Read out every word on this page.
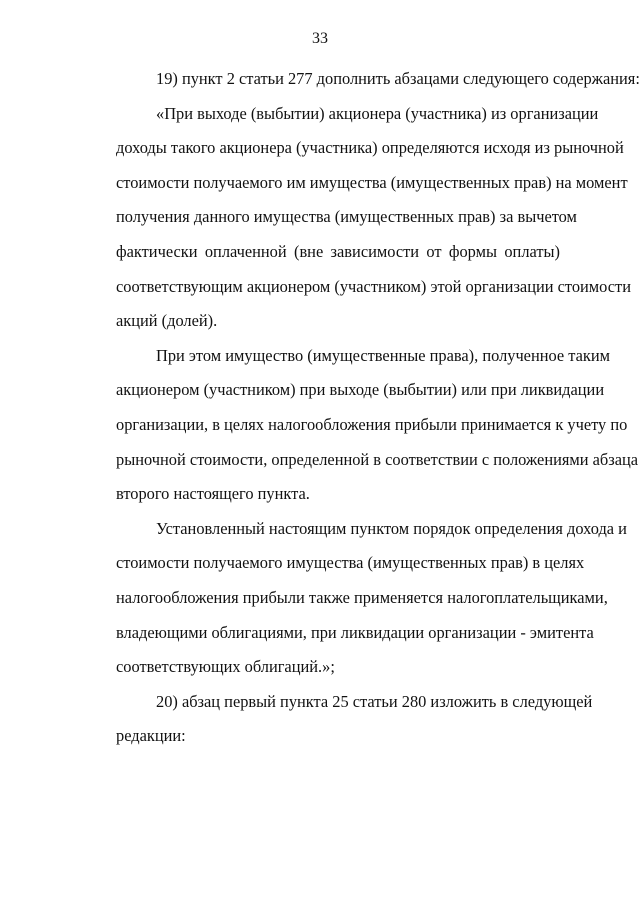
33

19) пункт 2 статьи 277 дополнить абзацами следующего содержания:

«При выходе (выбытии) акционера (участника) из организации
доходы такого акционера (участника) определяются исходя из рыночной
стоимости получаемого им имущества (имущественных прав) на момент
получения данного имущества (имущественных прав) за вычетом
фактически оплаченной (вне зависимости от формы оплаты)
соответствующим акционером (участником) этой организации стоимости
акций (долей).

При этом имущество (имущественные права), полученное таким
акционером (участником) при выходе (выбытии) или при ликвидации
организации, в целях налогообложения прибыли принимается к учету по
рыночной стоимости, определенной в соответствии с положениями абзаца
второго настоящего пункта.

Установленный настоящим пунктом порядок определения дохода и
стоимости получаемого имущества (имущественных прав) в целях
налогообложения прибыли также применяется налогоплательщиками,
владеющими облигациями, при ликвидации организации - эмитента
соответствующих облигаций.»;

20) абзац первый пункта 25 статьи 280 изложить в следующей
редакции:
